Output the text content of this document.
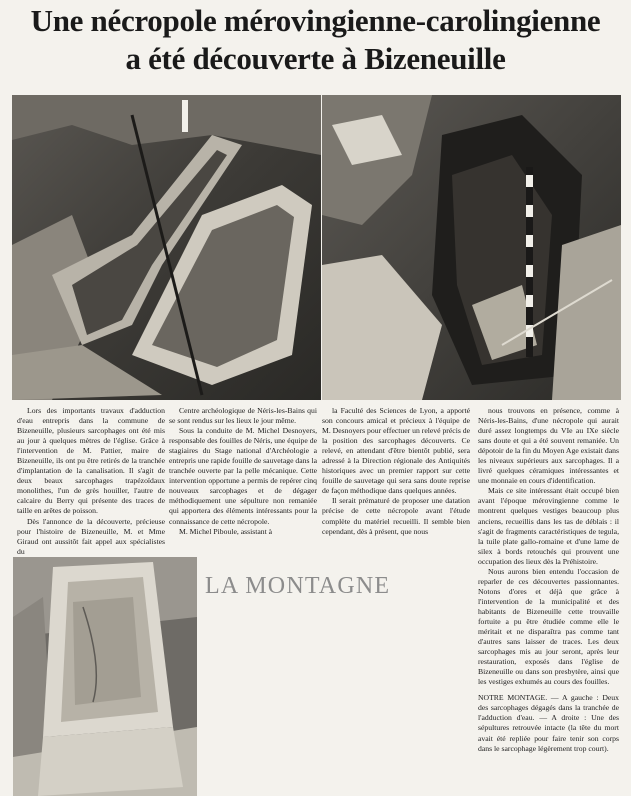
Une nécropole mérovingienne-carolingienne
a été découverte à Bizeneuille

Lors des importants travaux d'adduction d'eau entrepris dans la commune de Bizeneuille, plusieurs sarcophages ont été mis au jour à quelques mètres de l'église. Grâce à l'intervention de M. Pattier, maire de Bizeneuille, ils ont pu être retirés de la tranchée d'implantation de la canalisation. Il s'agit de deux beaux sarcophages trapézoïdaux monolithes, l'un de grès houiller, l'autre de calcaire du Berry qui présente des traces de taille en arêtes de poisson.

Dès l'annonce de la découverte, précieuse pour l'histoire de Bizeneuille, M. et Mme Giraud ont aussitôt fait appel aux spécialistes du

Centre archéologique de Néris-les-Bains qui se sont rendus sur les lieux le jour même.

Sous la conduite de M. Michel Desnoyers, responsable des fouilles de Néris, une équipe de stagiaires du Stage national d'Archéologie a entrepris une rapide fouille de sauvetage dans la tranchée ouverte par la pelle mécanique. Cette intervention opportune a permis de repérer cinq nouveaux sarcophages et de dégager méthodiquement une sépulture non remaniée qui apportera des éléments intéressants pour la connaissance de cette nécropole.

M. Michel Piboule, assistant à

la Faculté des Sciences de Lyon, a apporté son concours amical et précieux à l'équipe de M. Desnoyers pour effectuer un relevé précis de la position des sarcophages découverts. Ce relevé, en attendant d'être bientôt publié, sera adressé à la Direction régionale des Antiquités historiques avec un premier rapport sur cette fouille de sauvetage qui sera sans doute reprise de façon méthodique dans quelques années.

Il serait prématuré de proposer une datation précise de cette nécropole avant l'étude complète du matériel recueilli. Il semble bien cependant, dès à présent, que nous

nous trouvons en présence, comme à Néris-les-Bains, d'une nécropole qui aurait duré assez longtemps du VIe au IXe siècle sans doute et qui a été souvent remaniée. Un dépotoir de la fin du Moyen Age existait dans les niveaux supérieurs aux sarcophages. Il a livré quelques céramiques intéressantes et une monnaie en cours d'identification.

Mais ce site intéressant était occupé bien avant l'époque mérovingienne comme le montrent quelques vestiges beaucoup plus anciens, recueillis dans les tas de déblais : il s'agit de fragments caractéristiques de tegula, la tuile plate gallo-romaine et d'une lame de silex à bords retouchés qui prouvent une occupation des lieux dès la Préhistoire.

Nous aurons bien entendu l'occasion de reparler de ces découvertes passionnantes. Notons d'ores et déjà que grâce à l'intervention de la municipalité et des habitants de Bizeneuille cette trouvaille fortuite a pu être étudiée comme elle le méritait et ne disparaîtra pas comme tant d'autres sans laisser de traces. Les deux sarcophages mis au jour seront, après leur restauration, exposés dans l'église de Bizeneuille ou dans son presbytère, ainsi que les vestiges exhumés au cours des fouilles.

NOTRE MONTAGE. — A gauche : Deux des sarcophages dégagés dans la tranchée de l'adduction d'eau. — A droite : Une des sépultures retrouvée intacte (la tête du mort avait été repliée pour faire tenir son corps dans le sarcophage légèrement trop court).

LA MONTAGNE
